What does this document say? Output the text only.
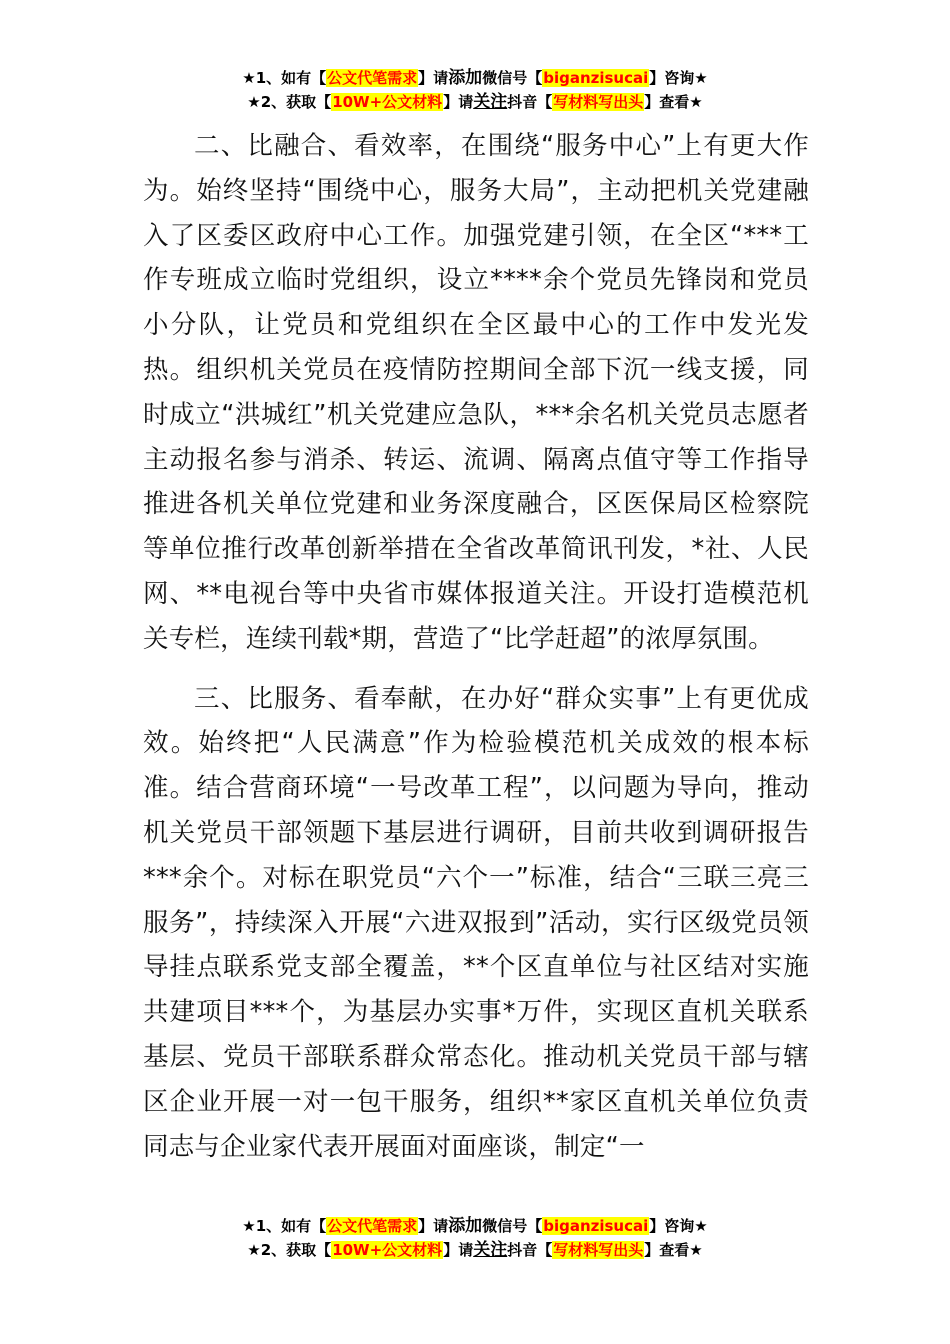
★1、如有【公文代笔需求】请添加微信号【biganzisucai】咨询★
★2、获取【10W+公文材料】请关注抖音【写材料写出头】查看★

二、比融合、看效率，在围绕“服务中心”上有更大作为。始终坚持“围绕中心，服务大局”，主动把机关党建融入了区委区政府中心工作。加强党建引领，在全区“***工作专班成立临时党组织，设立****余个党员先锋岗和党员小分队，让党员和党组织在全区最中心的工作中发光发热。组织机关党员在疫情防控期间全部下沉一线支援，同时成立“洪城红”机关党建应急队，***余名机关党员志愿者主动报名参与消杀、转运、流调、隔离点值守等工作指导推进各机关单位党建和业务深度融合，区医保局区检察院等单位推行改革创新举措在全省改革简讯刊发，*社、人民网、**电视台等中央省市媒体报道关注。开设打造模范机关专栏，连续刊载*期，营造了“比学赶超”的浓厚氛围。

三、比服务、看奉献，在办好“群众实事”上有更优成效。始终把“人民满意”作为检验模范机关成效的根本标准。结合营商环境“一号改革工程”，以问题为导向，推动机关党员干部领题下基层进行调研，目前共收到调研报告***余个。对标在职党员“六个一”标准，结合“三联三亮三服务”，持续深入开展“六进双报到”活动，实行区级党员领导挂点联系党支部全覆盖，**个区直单位与社区结对实施共建项目***个，为基层办实事*万件，实现区直机关联系基层、党员干部联系群众常态化。推动机关党员干部与辖区企业开展一对一包干服务，组织**家区直机关单位负责同志与企业家代表开展面对面座谈，制定“一

★1、如有【公文代笔需求】请添加微信号【biganzisucai】咨询★
★2、获取【10W+公文材料】请关注抖音【写材料写出头】查看★
